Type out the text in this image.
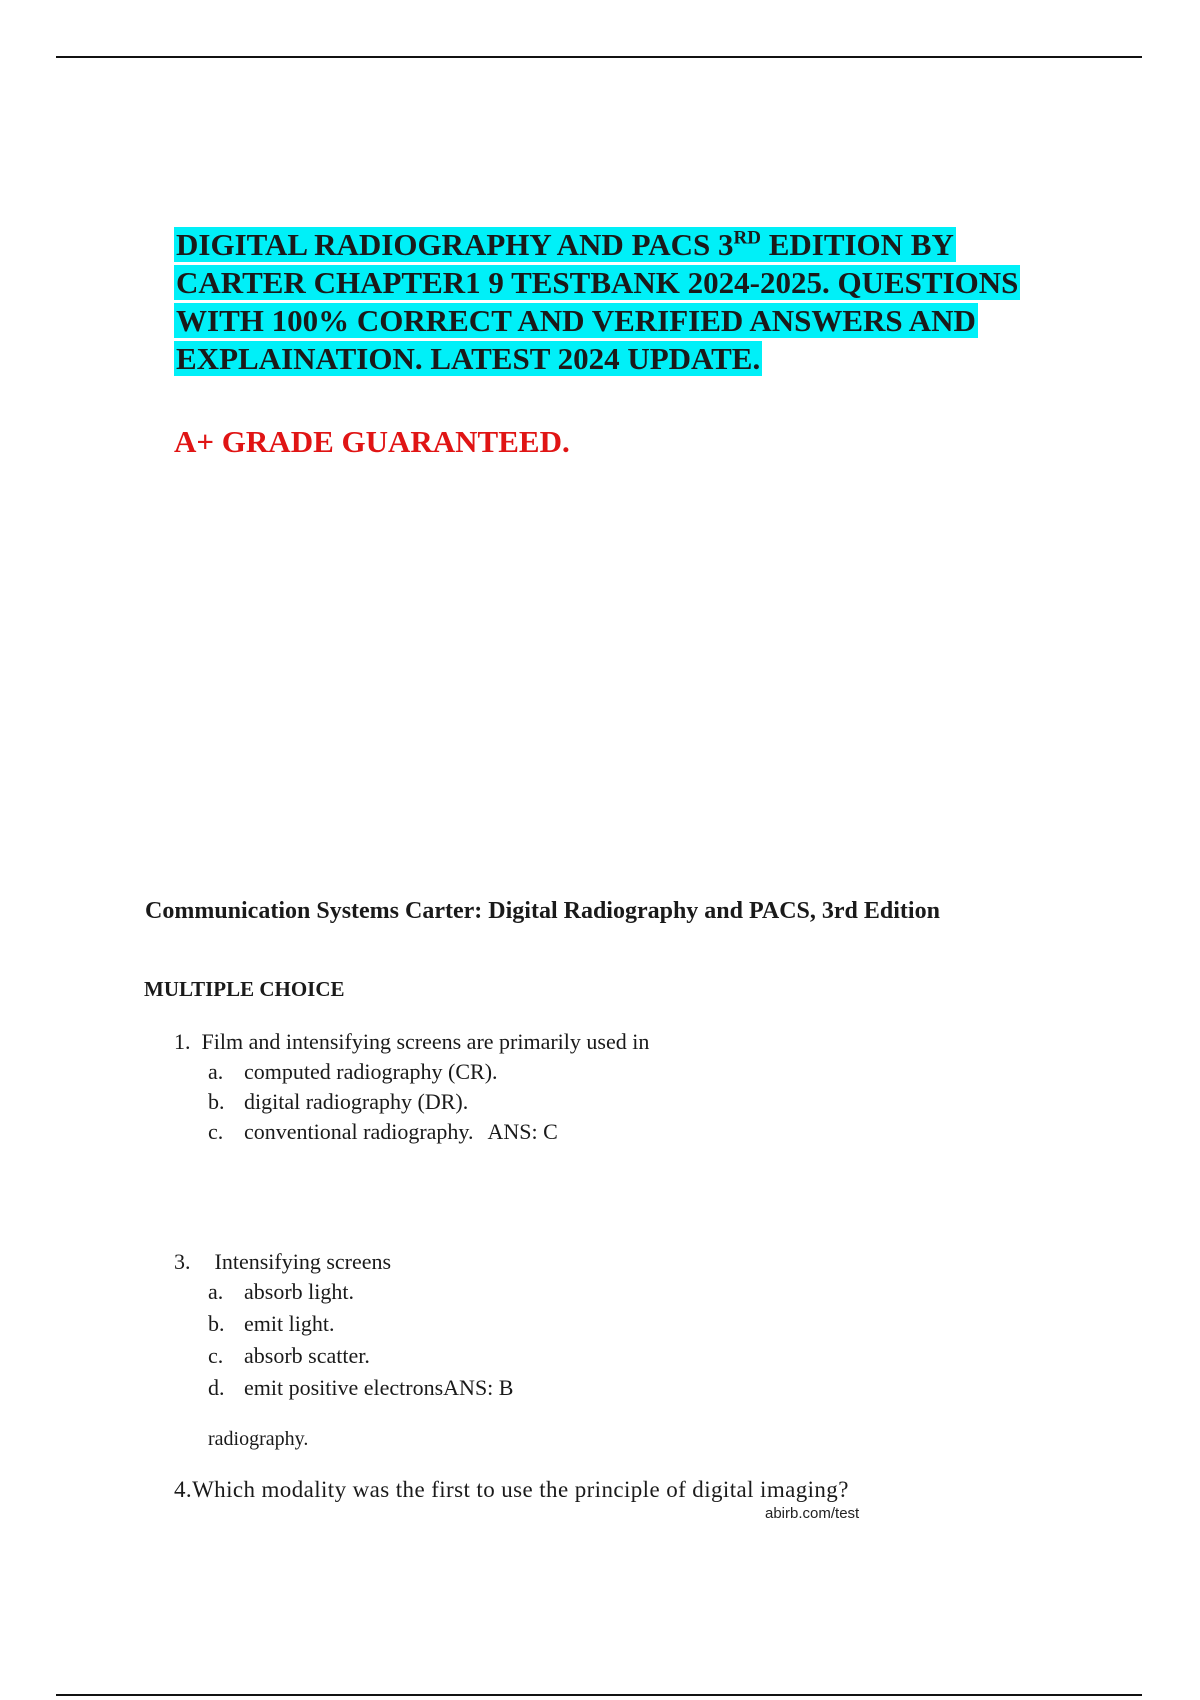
DIGITAL RADIOGRAPHY AND PACS 3RD EDITION BY
CARTER CHAPTER1 9 TESTBANK 2024-2025. QUESTIONS
WITH 100% CORRECT AND VERIFIED ANSWERS AND
EXPLAINATION. LATEST 2024 UPDATE.
A+ GRADE GUARANTEED.
Communication Systems Carter: Digital Radiography and PACS, 3rd Edition
MULTIPLE CHOICE
1. Film and intensifying screens are primarily used in
a. computed radiography (CR).
b. digital radiography (DR).
c. conventional radiography. ANS: C
3. Intensifying screens
a. absorb light.
b. emit light.
c. absorb scatter.
d. emit positive electronsANS: B
radiography.
4.Which modality was the first to use the principle of digital imaging?
abirb.com/test
